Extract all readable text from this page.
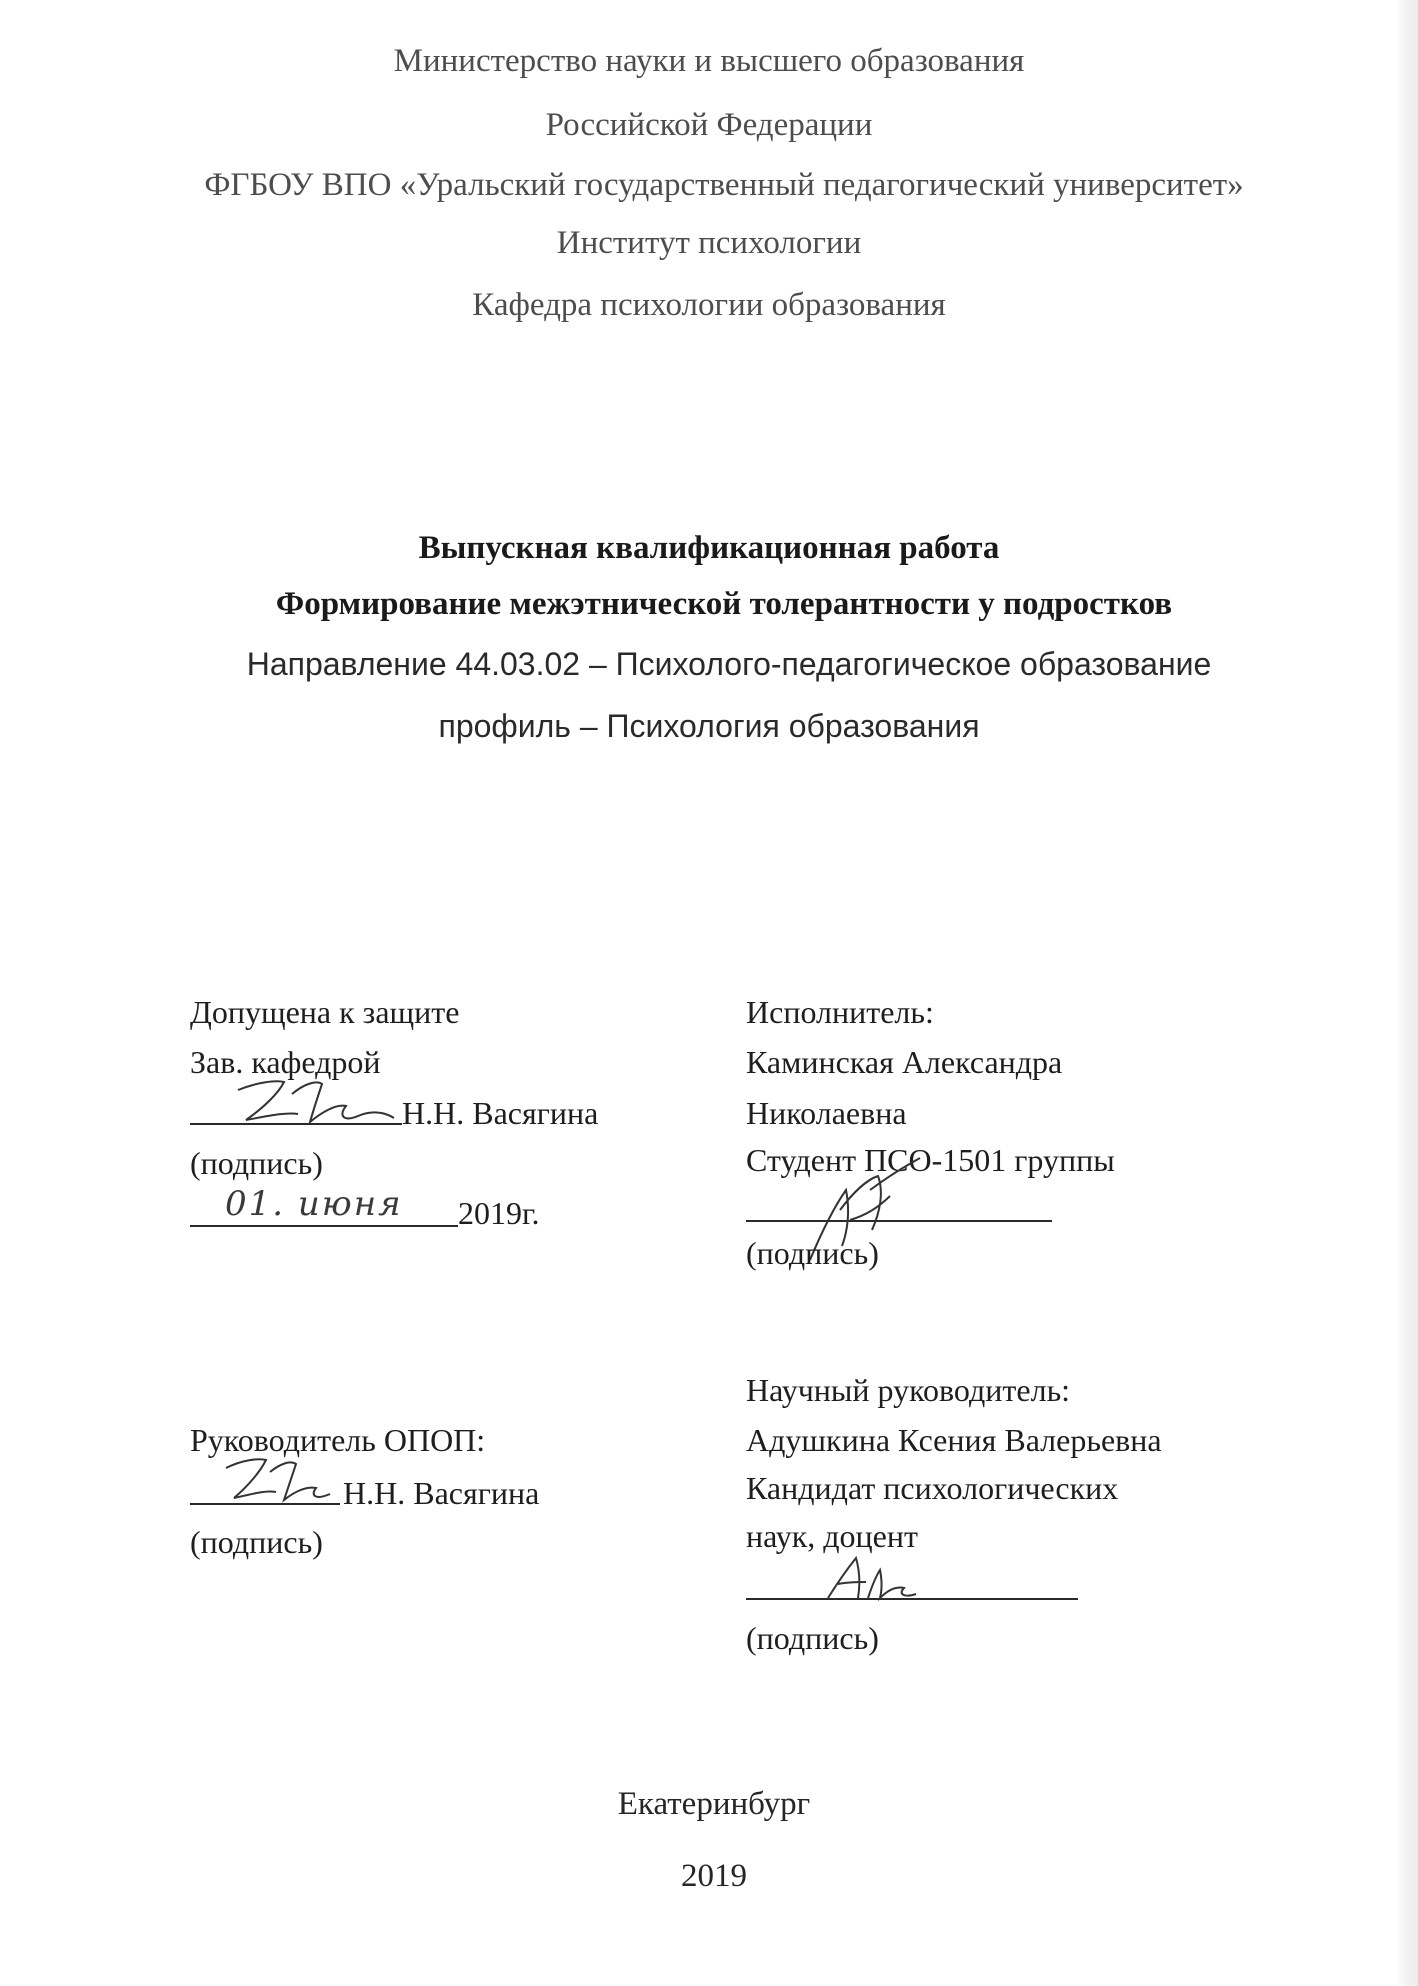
Министерство науки и высшего образования
Российской Федерации
ФГБОУ ВПО «Уральский государственный педагогический университет»
Институт психологии
Кафедра психологии образования
Выпускная квалификационная работа
Формирование межэтнической толерантности у подростков
Направление 44.03.02 – Психолого-педагогическое образование
профиль – Психология образования
Допущена к защите
Зав. кафедрой
Н.Н. Васягина
(подпись)
01. июня 2019г.
Исполнитель:
Каминская Александра
Николаевна
Студент ПСО-1501 группы
(подпись)
Научный руководитель:
Адушкина Ксения Валерьевна
Кандидат психологических
наук, доцент
(подпись)
Руководитель ОПОП:
Н.Н. Васягина
(подпись)
Екатеринбург
2019
